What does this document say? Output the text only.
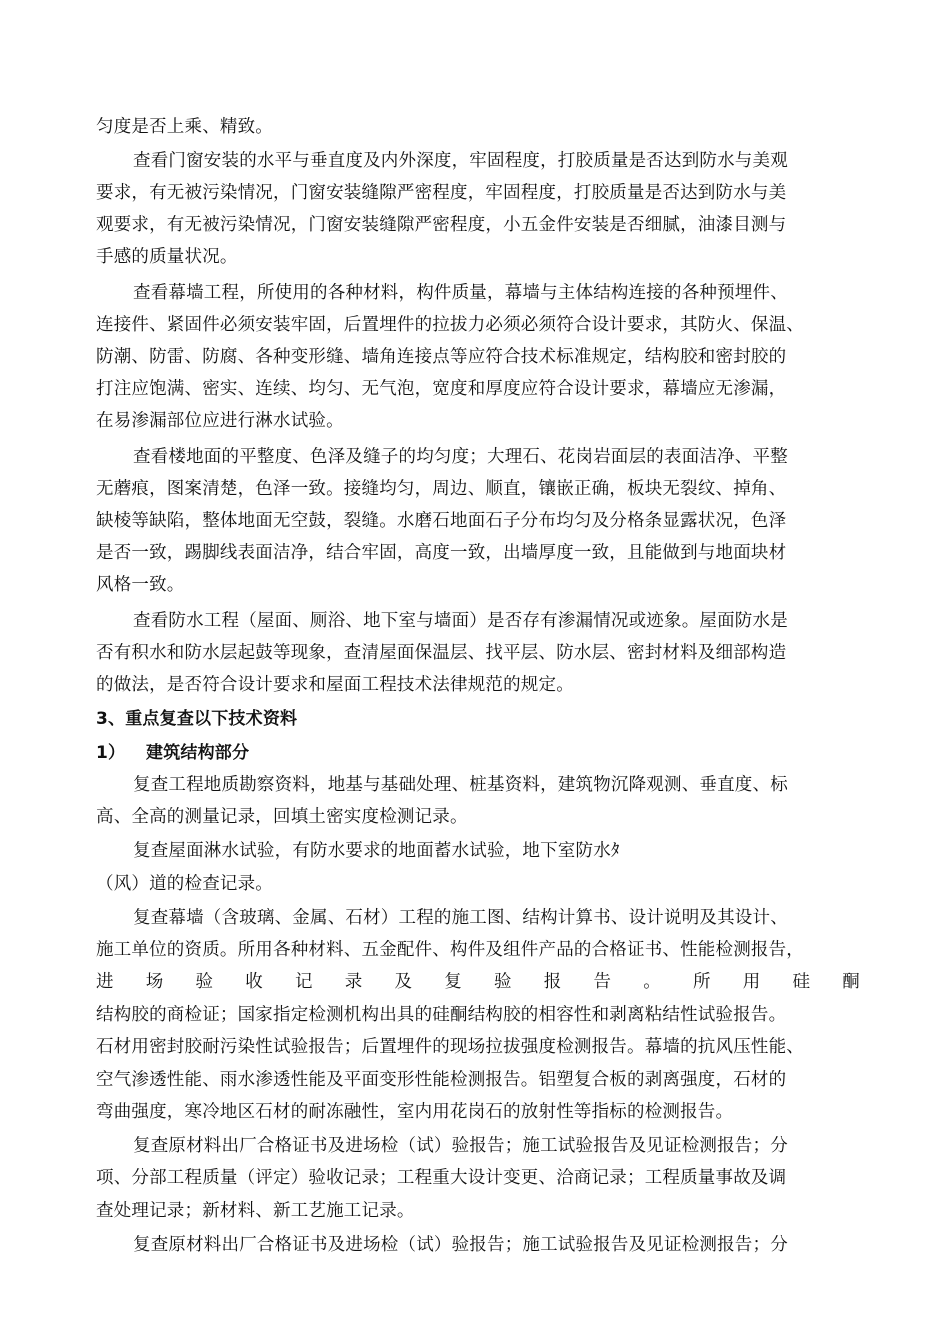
匀度是否上乘、精致。
查看门窗安装的水平与垂直度及内外深度，牢固程度，打胶质量是否达到防水与美观
要求，有无被污染情况，门窗安装缝隙严密程度，牢固程度，打胶质量是否达到防水与美
观要求，有无被污染情况，门窗安装缝隙严密程度，小五金件安装是否细腻，油漆目测与
手感的质量状况。
查看幕墙工程，所使用的各种材料，构件质量，幕墙与主体结构连接的各种预埋件、
连接件、紧固件必须安装牢固，后置埋件的拉拔力必须必须符合设计要求，其防火、保温、
防潮、防雷、防腐、各种变形缝、墙角连接点等应符合技术标准规定，结构胶和密封胶的
打注应饱满、密实、连续、均匀、无气泡，宽度和厚度应符合设计要求，幕墙应无渗漏，
在易渗漏部位应进行淋水试验。
查看楼地面的平整度、色泽及缝子的均匀度；大理石、花岗岩面层的表面洁净、平整
无蘑痕，图案清楚，色泽一致。接缝均匀，周边、顺直，镶嵌正确，板块无裂纹、掉角、
缺棱等缺陷，整体地面无空鼓，裂缝。水磨石地面石子分布均匀及分格条显露状况，色泽
是否一致，踢脚线表面洁净，结合牢固，高度一致，出墙厚度一致，且能做到与地面块材
风格一致。
查看防水工程（屋面、厕浴、地下室与墙面）是否存有渗漏情况或迹象。屋面防水是
否有积水和防水层起鼓等现象，查清屋面保温层、找平层、防水层、密封材料及细部构造
的做法，是否符合设计要求和屋面工程技术法律规范的规定。
3、重点复查以下技术资料
1） 建筑结构部分
复查工程地质勘察资料，地基与基础处理、桩基资料，建筑物沉降观测、垂直度、标
高、全高的测量记录，回填土密实度检测记录。
复查屋面淋水试验，有防水要求的地面蓄水试验，地下室防水ﾀ
（风）道的检查记录。
复查幕墙（含玻璃、金属、石材）工程的施工图、结构计算书、设计说明及其设计、
施工单位的资质。所用各种材料、五金配件、构件及组件产品的合格证书、性能检测报告，
进 场 验 收 记 录 及 复 验 报 告 。 所 用 硅 酮
结构胶的商检证；国家指定检测机构出具的硅酮结构胶的相容性和剥离粘结性试验报告。
石材用密封胶耐污染性试验报告；后置埋件的现场拉拔强度检测报告。幕墙的抗风压性能、
空气渗透性能、雨水渗透性能及平面变形性能检测报告。铝塑复合板的剥离强度，石材的
弯曲强度，寒冷地区石材的耐冻融性，室内用花岗石的放射性等指标的检测报告。
复查原材料出厂合格证书及进场检（试）验报告；施工试验报告及见证检测报告；分
项、分部工程质量（评定）验收记录；工程重大设计变更、洽商记录；工程质量事故及调
查处理记录；新材料、新工艺施工记录。
复查原材料出厂合格证书及进场检（试）验报告；施工试验报告及见证检测报告；分
